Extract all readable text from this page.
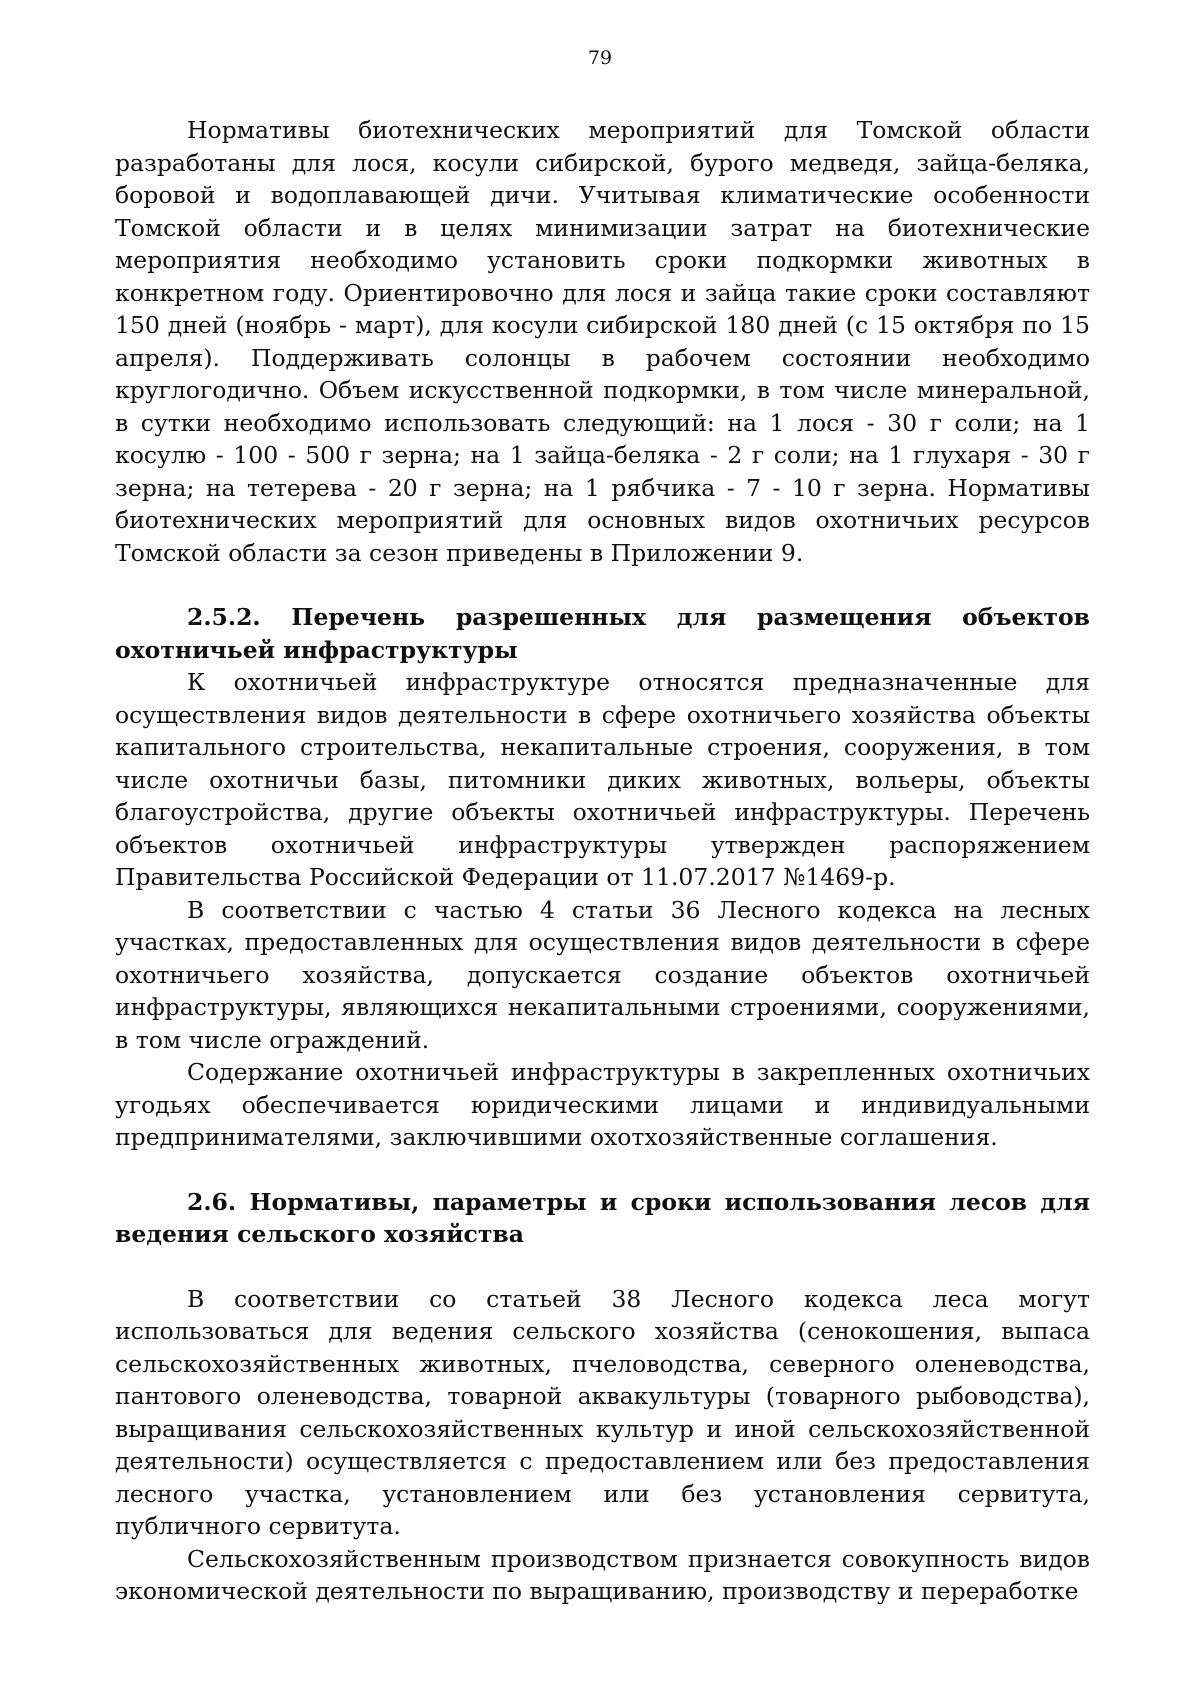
79

Нормативы биотехнических мероприятий для Томской области разработаны для лося, косули сибирской, бурого медведя, зайца-беляка, боровой и водоплавающей дичи. Учитывая климатические особенности Томской области и в целях минимизации затрат на биотехнические мероприятия необходимо установить сроки подкормки животных в конкретном году. Ориентировочно для лося и зайца такие сроки составляют 150 дней (ноябрь - март), для косули сибирской 180 дней (с 15 октября по 15 апреля). Поддерживать солонцы в рабочем состоянии необходимо круглогодично. Объем искусственной подкормки, в том числе минеральной, в сутки необходимо использовать следующий: на 1 лося - 30 г соли; на 1 косулю - 100 - 500 г зерна; на 1 зайца-беляка - 2 г соли; на 1 глухаря - 30 г зерна; на тетерева - 20 г зерна; на 1 рябчика - 7 - 10 г зерна. Нормативы биотехнических мероприятий для основных видов охотничьих ресурсов Томской области за сезон приведены в Приложении 9.

2.5.2. Перечень разрешенных для размещения объектов охотничьей инфраструктуры

К охотничьей инфраструктуре относятся предназначенные для осуществления видов деятельности в сфере охотничьего хозяйства объекты капитального строительства, некапитальные строения, сооружения, в том числе охотничьи базы, питомники диких животных, вольеры, объекты благоустройства, другие объекты охотничьей инфраструктуры. Перечень объектов охотничьей инфраструктуры утвержден распоряжением Правительства Российской Федерации от 11.07.2017 №1469-р.

В соответствии с частью 4 статьи 36 Лесного кодекса на лесных участках, предоставленных для осуществления видов деятельности в сфере охотничьего хозяйства, допускается создание объектов охотничьей инфраструктуры, являющихся некапитальными строениями, сооружениями, в том числе ограждений.

Содержание охотничьей инфраструктуры в закрепленных охотничьих угодьях обеспечивается юридическими лицами и индивидуальными предпринимателями, заключившими охотхозяйственные соглашения.

2.6. Нормативы, параметры и сроки использования лесов для ведения сельского хозяйства

В соответствии со статьей 38 Лесного кодекса леса могут использоваться для ведения сельского хозяйства (сенокошения, выпаса сельскохозяйственных животных, пчеловодства, северного оленеводства, пантового оленеводства, товарной аквакультуры (товарного рыбоводства), выращивания сельскохозяйственных культур и иной сельскохозяйственной деятельности) осуществляется с предоставлением или без предоставления лесного участка, установлением или без установления сервитута, публичного сервитута.

Сельскохозяйственным производством признается совокупность видов экономической деятельности по выращиванию, производству и переработке
